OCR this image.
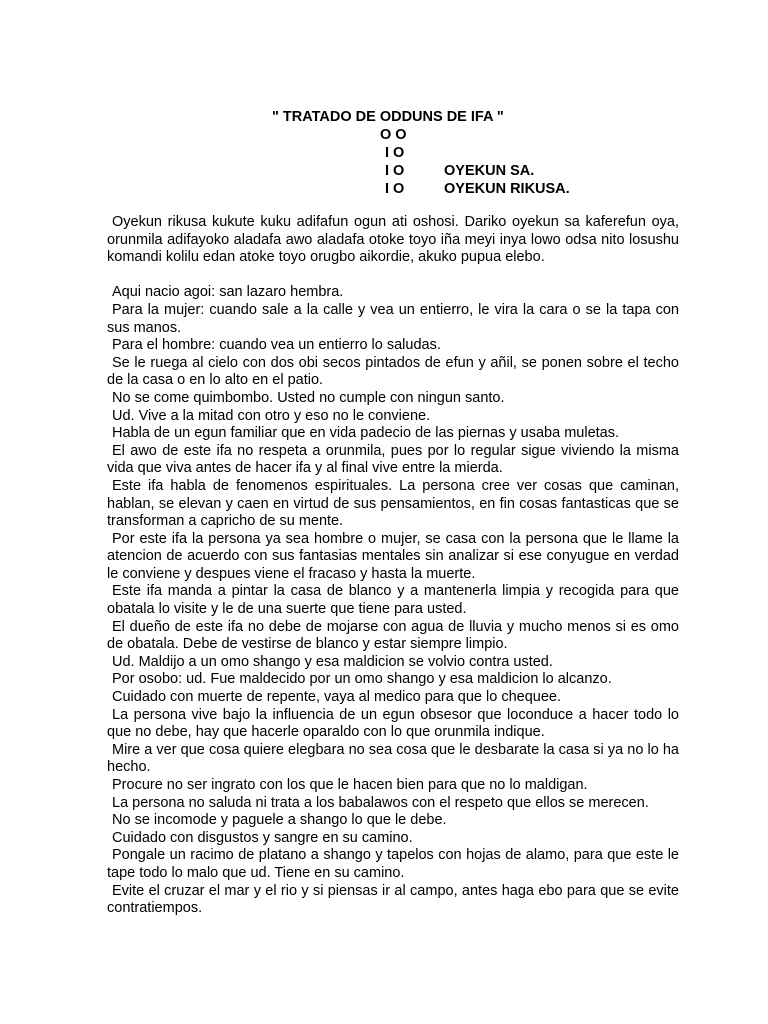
" TRATADO DE ODDUNS DE IFA "
O O
I O
I O	OYEKUN SA.
I O	OYEKUN RIKUSA.

Oyekun rikusa kukute kuku adifafun ogun ati oshosi. Dariko oyekun sa kaferefun oya, orunmila adifayoko aladafa awo aladafa otoke toyo iña meyi inya lowo odsa nito losushu komandi kolilu edan atoke toyo orugbo aikordie, akuko pupua elebo.

Aqui nacio agoi: san lazaro hembra.

Para la mujer: cuando sale a la calle y vea un entierro, le vira la cara o se la tapa con sus manos.

Para el hombre: cuando vea un entierro lo saludas.

Se le ruega al cielo con dos obi secos pintados de efun y añil, se ponen sobre el techo de la casa o en lo alto en el patio.

No se come quimbombo. Usted no cumple con ningun santo.

Ud. Vive a la mitad con otro y eso no le conviene.

Habla de un egun familiar que en vida padecio de las piernas y usaba muletas.

El awo de este ifa no respeta a orunmila, pues por lo regular sigue viviendo la misma vida que viva antes de hacer ifa y al final vive entre la mierda.

Este ifa habla de fenomenos espirituales. La persona cree ver cosas que caminan, hablan, se elevan y caen en virtud de sus pensamientos, en fin cosas fantasticas que se transforman a capricho de su mente.

Por este ifa la persona ya sea hombre o mujer, se casa con la persona que le llame la atencion de acuerdo con sus fantasias mentales sin analizar si ese conyugue en verdad le conviene y despues viene el fracaso y hasta la muerte.

Este ifa manda a pintar la casa de blanco y a mantenerla limpia y recogida para que obatala lo visite y le de una suerte que tiene para usted.

El dueño de este ifa no debe de mojarse con agua de lluvia y mucho menos si es omo de obatala. Debe de vestirse de blanco y estar siempre limpio.

Ud. Maldijo a un omo shango y esa maldicion se volvio contra usted.

Por osobo: ud. Fue maldecido por un omo shango y esa maldicion lo alcanzo.

Cuidado con muerte de repente, vaya al medico para que lo chequee.

La persona vive bajo la influencia de un egun obsesor que loconduce a hacer todo lo que no debe, hay que hacerle oparaldo con lo que orunmila indique.

Mire a ver que cosa quiere elegbara no sea cosa que le desbarate la casa si ya no lo ha hecho.

Procure no ser ingrato con los que le hacen bien para que no lo maldigan.

La persona no saluda ni trata a los babalawos con el respeto que ellos se merecen.

No se incomode y paguele a shango lo que le debe.

Cuidado con disgustos y sangre en su camino.

Pongale un racimo de platano a shango y tapelos con hojas de alamo, para que este le tape todo lo malo que ud. Tiene en su camino.

Evite el cruzar el mar y el rio y si piensas ir al campo, antes haga ebo para que se evite contratiempos.
